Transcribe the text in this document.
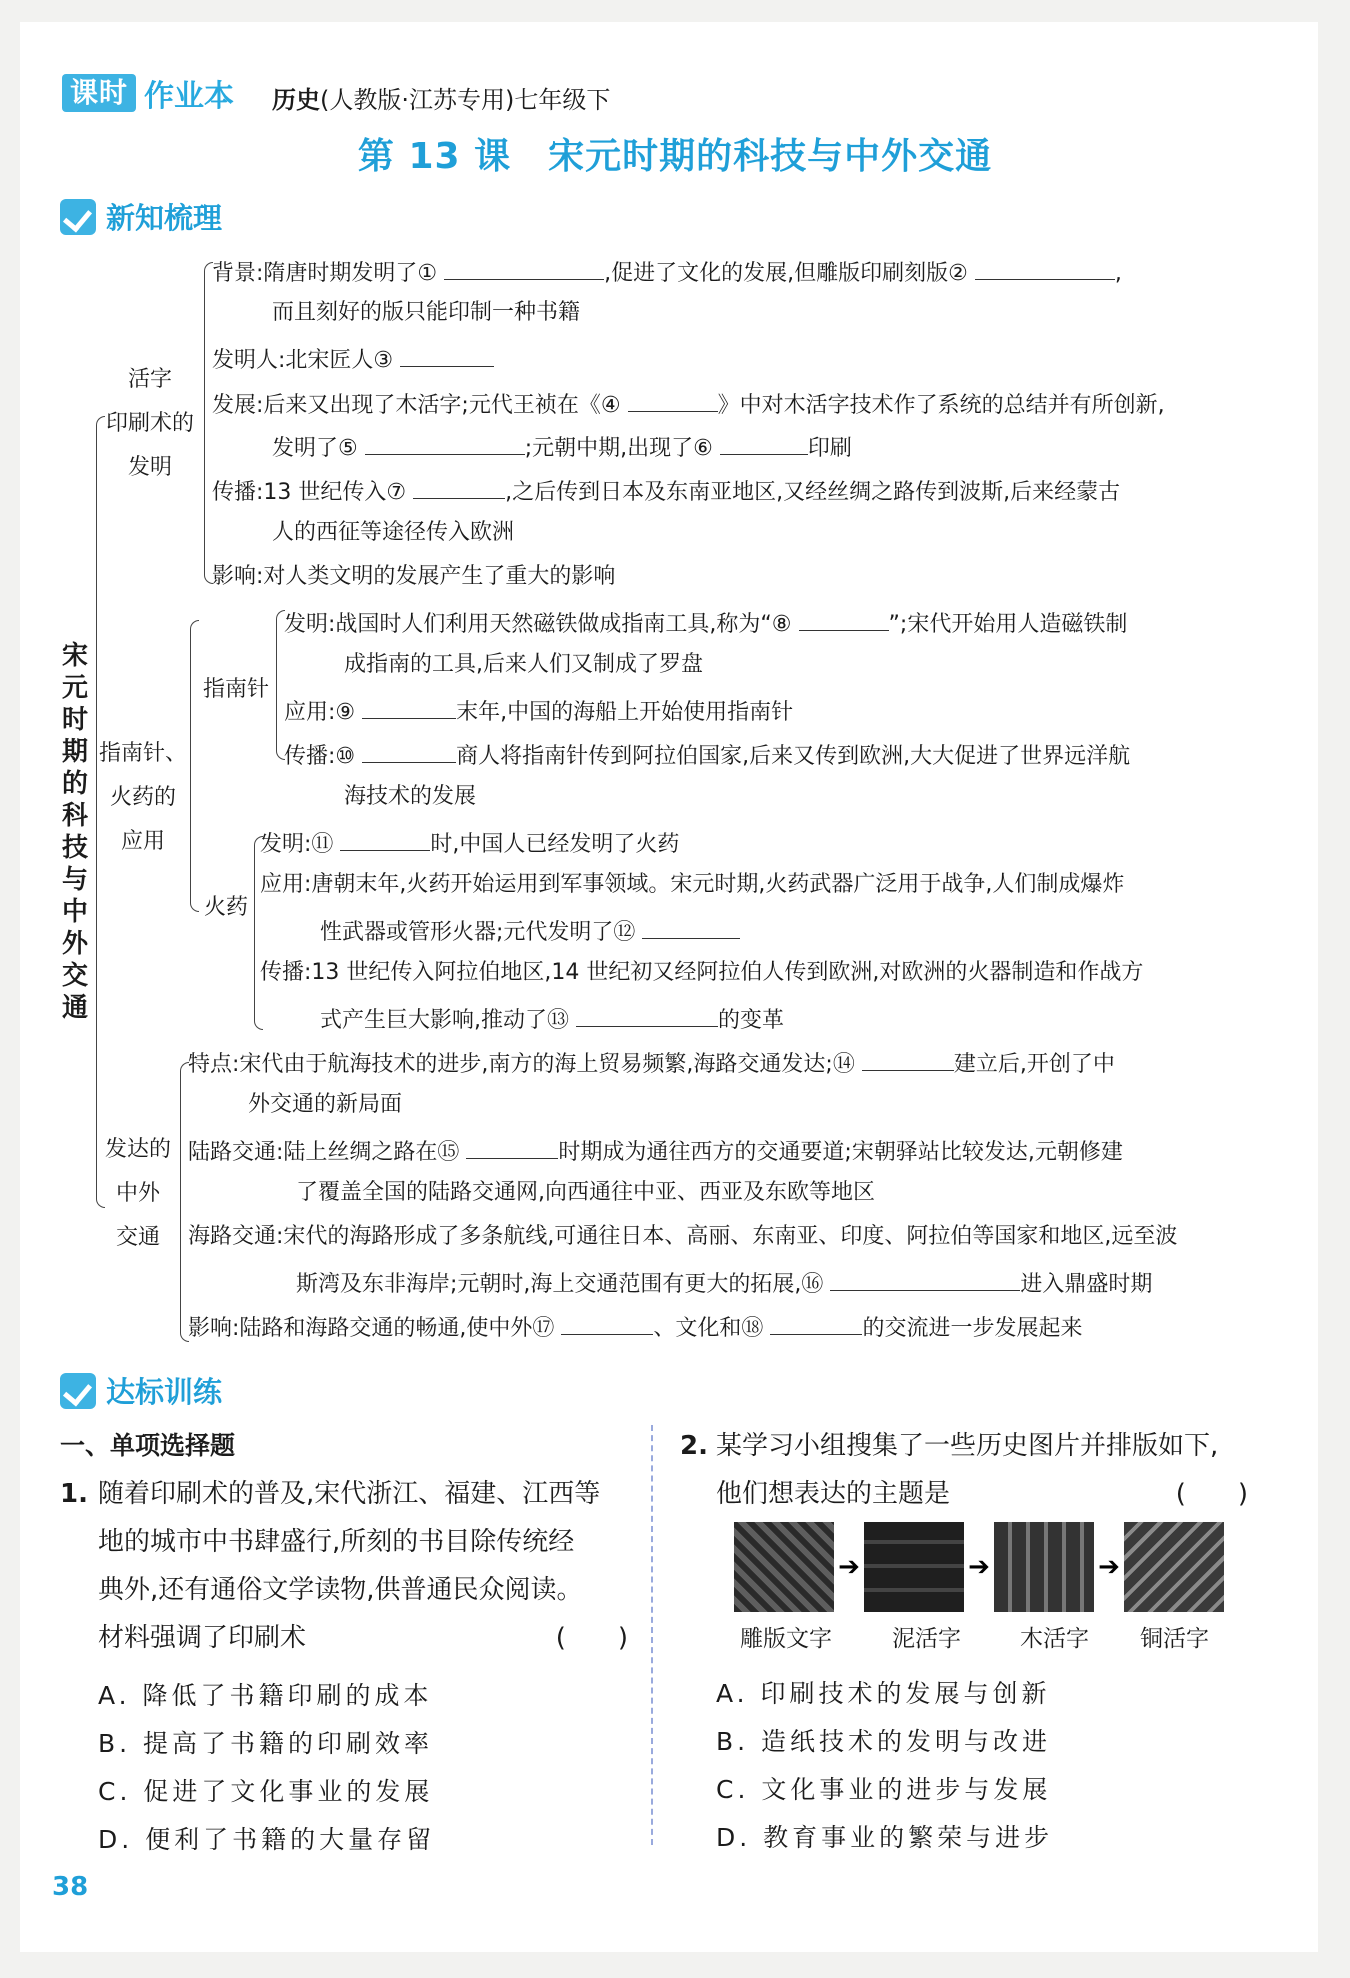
课时 作业本 历史(人教版·江苏专用)七年级下
第 13 课　宋元时期的科技与中外交通
新知梳理
宋
元
时
期
的
科
技
与
中
外
交
通
活字
印刷术的
发明
指南针、
火药的
应用
指南针
火药
发达的
中外
交通
背景:隋唐时期发明了①	,促进了文化的发展,但雕版印刷刻版②	,
而且刻好的版只能印制一种书籍
发明人:北宋匠人③
发展:后来又出现了木活字;元代王祯在《④	》中对木活字技术作了系统的总结并有所创新,
发明了⑤	;元朝中期,出现了⑥	印刷
传播:13 世纪传入⑦	,之后传到日本及东南亚地区,又经丝绸之路传到波斯,后来经蒙古
人的西征等途径传入欧洲
影响:对人类文明的发展产生了重大的影响
发明:战国时人们利用天然磁铁做成指南工具,称为“⑧	”;宋代开始用人造磁铁制
成指南的工具,后来人们又制成了罗盘
应用:⑨	末年,中国的海船上开始使用指南针
传播:⑩	商人将指南针传到阿拉伯国家,后来又传到欧洲,大大促进了世界远洋航
海技术的发展
发明:⑪	时,中国人已经发明了火药
应用:唐朝末年,火药开始运用到军事领域。宋元时期,火药武器广泛用于战争,人们制成爆炸
性武器或管形火器;元代发明了⑫
传播:13 世纪传入阿拉伯地区,14 世纪初又经阿拉伯人传到欧洲,对欧洲的火器制造和作战方
式产生巨大影响,推动了⑬	的变革
特点:宋代由于航海技术的进步,南方的海上贸易频繁,海路交通发达;⑭	建立后,开创了中
外交通的新局面
陆路交通:陆上丝绸之路在⑮	时期成为通往西方的交通要道;宋朝驿站比较发达,元朝修建
了覆盖全国的陆路交通网,向西通往中亚、西亚及东欧等地区
海路交通:宋代的海路形成了多条航线,可通往日本、高丽、东南亚、印度、阿拉伯等国家和地区,远至波
斯湾及东非海岸;元朝时,海上交通范围有更大的拓展,⑯	进入鼎盛时期
影响:陆路和海路交通的畅通,使中外⑰	、文化和⑱	的交流进一步发展起来
达标训练
一、单项选择题
1. 随着印刷术的普及,宋代浙江、福建、江西等
地的城市中书肆盛行,所刻的书目除传统经
典外,还有通俗文学读物,供普通民众阅读。
材料强调了印刷术	(　　)
A. 降低了书籍印刷的成本
B. 提高了书籍的印刷效率
C. 促进了文化事业的发展
D. 便利了书籍的大量存留
2. 某学习小组搜集了一些历史图片并排版如下,
他们想表达的主题是	(　　)
➔	➔	➔
雕版文字	泥活字	木活字 铜活字
A. 印刷技术的发展与创新
B. 造纸技术的发明与改进
C. 文化事业的进步与发展
D. 教育事业的繁荣与进步
38
